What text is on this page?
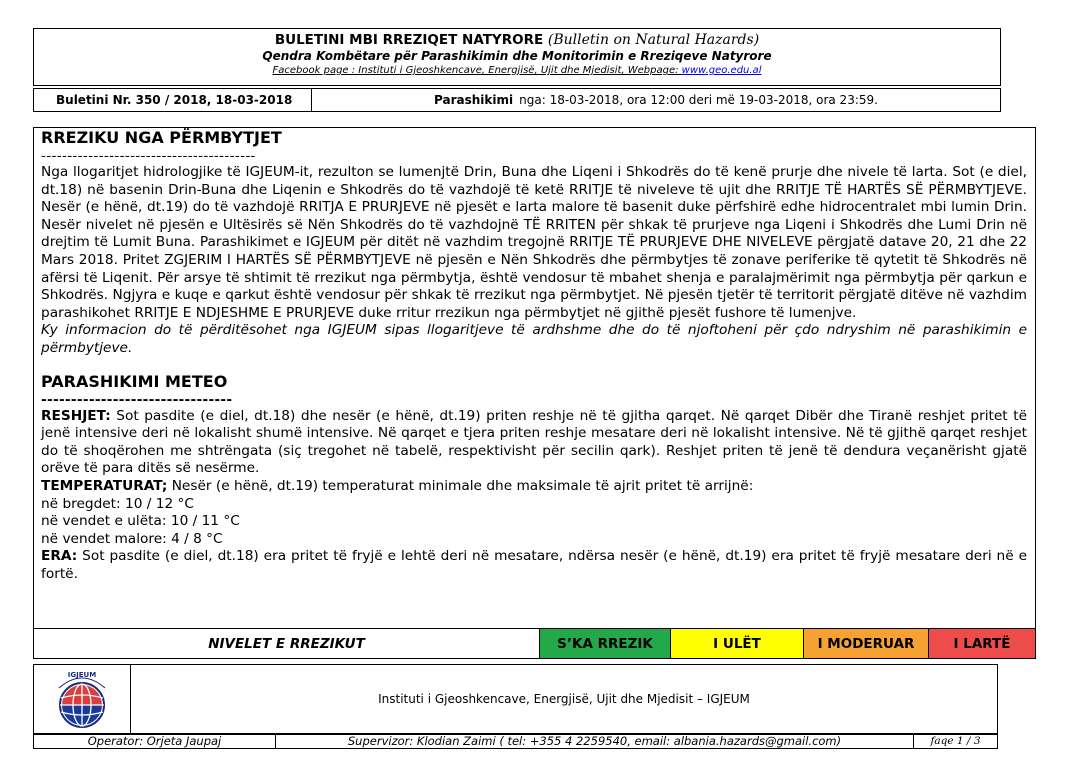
BULETINI MBI RREZIQET NATYRORE (Bulletin on Natural Hazards)
Qendra Kombëtare për Parashikimin dhe Monitorimin e Rreziqeve Natyrore
Facebook page : Instituti i Gjeoshkencave, Energjisë, Ujit dhe Mjedisit, Webpage: www.geo.edu.al
Buletini Nr. 350 / 2018, 18-03-2018	Parashikimi nga: 18-03-2018, ora 12:00 deri më 19-03-2018, ora 23:59.
RREZIKU NGA PËRMBYTJET
-----------------------------------------
Nga llogaritjet hidrologjike të IGJEUM-it, rezulton se lumenjtë Drin, Buna dhe Liqeni i Shkodrës do të kenë prurje dhe nivele të larta. Sot (e diel, dt.18) në basenin Drin-Buna dhe Liqenin e Shkodrës do të vazhdojë të ketë RRITJE të niveleve të ujit dhe RRITJE TË HARTËS SË PËRMBYTJEVE. Nesër (e hënë, dt.19) do të vazhdojë RRITJA E PRURJEVE në pjesët e larta malore të basenit duke përfshirë edhe hidrocentralet mbi lumin Drin. Nesër nivelet në pjesën e Ultësirës së Nën Shkodrës do të vazhdojnë TË RRITEN për shkak të prurjeve nga Liqeni i Shkodrës dhe Lumi Drin në drejtim të Lumit Buna. Parashikimet e IGJEUM për ditët në vazhdim tregojnë RRITJE TË PRURJEVE DHE NIVELEVE përgjatë datave 20, 21 dhe 22 Mars 2018. Pritet ZGJERIM I HARTËS SË PËRMBYTJEVE në pjesën e Nën Shkodrës dhe përmbytjes të zonave periferike të qytetit të Shkodrës në afërsi të Liqenit. Për arsye të shtimit të rrezikut nga përmbytja, është vendosur të mbahet shenja e paralajmërimit nga përmbytja për qarkun e Shkodrës. Ngjyra e kuqe e qarkut është vendosur për shkak të rrezikut nga përmbytjet. Në pjesën tjetër të territorit përgjatë ditëve në vazhdim parashikohet RRITJE E NDJESHME E PRURJEVE duke rritur rrezikun nga përmbytjet në gjithë pjesët fushore të lumenjve.
Ky informacion do të përditësohet nga IGJEUM sipas llogaritjeve të ardhshme dhe do të njoftoheni për çdo ndryshim në parashikimin e përmbytjeve.
PARASHIKIMI METEO
--------------------------------
RESHJET: Sot pasdite (e diel, dt.18) dhe nesër (e hënë, dt.19) priten reshje në të gjitha qarqet. Në qarqet Dibër dhe Tiranë reshjet pritet të jenë intensive deri në lokalisht shumë intensive. Në qarqet e tjera priten reshje mesatare deri në lokalisht intensive. Në të gjithë qarqet reshjet do të shoqërohen me shtrëngata (siç tregohet në tabelë, respektivisht për secilin qark). Reshjet priten të jenë të dendura veçanërisht gjatë orëve të para ditës së nesërme.
TEMPERATURAT; Nesër (e hënë, dt.19) temperaturat minimale dhe maksimale të ajrit pritet të arrijnë:
në bregdet: 10 / 12 °C
në vendet e ulëta: 10 / 11 °C
në vendet malore: 4 / 8 °C
ERA: Sot pasdite (e diel, dt.18) era pritet të fryjë e lehtë deri në mesatare, ndërsa nesër (e hënë, dt.19) era pritet të fryjë mesatare deri në e fortë.
NIVELET E RREZIKUT	S’KA RREZIK	I ULËT	I MODERUAR	I LARTË
IGJEUM
Instituti i Gjeoshkencave, Energjisë, Ujit dhe Mjedisit – IGJEUM
Operator: Orjeta Jaupaj	Supervizor: Klodian Zaimi ( tel: +355 4 2259540, email: albania.hazards@gmail.com)	faqe 1 / 3
